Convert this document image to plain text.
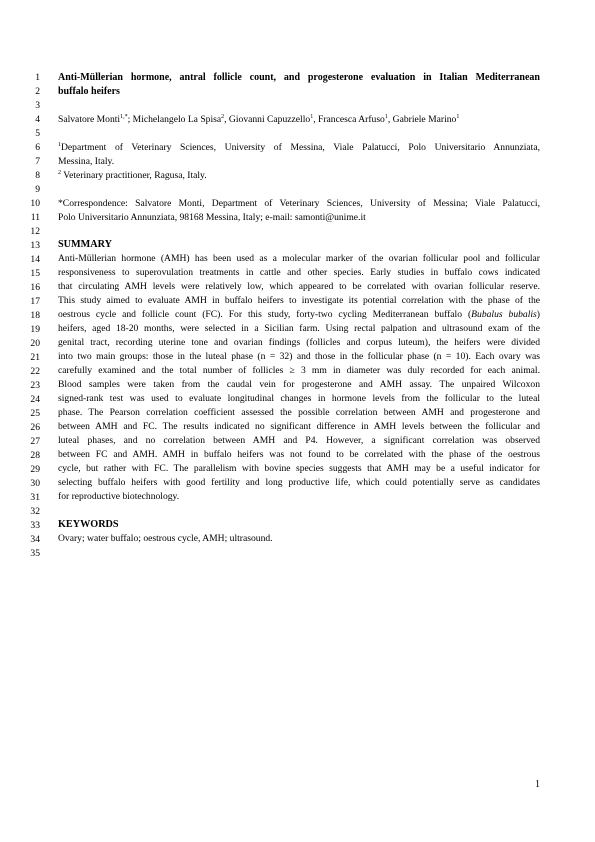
1
2
3
4
5
6
7
8
9
10
11
12
13
14
15
16
17
18
19
20
21
22
23
24
25
26
27
28
29
30
31
32
33
34
35
Anti-Müllerian hormone, antral follicle count, and progesterone evaluation in Italian Mediterranean
buffalo heifers
Salvatore Monti$^{1,*}$; Michelangelo La Spisa$^2$, Giovanni Capuzzello$^1$, Francesca Arfuso$^1$, Gabriele Marino$^1$
$^1$Department of Veterinary Sciences, University of Messina, Viale Palatucci, Polo Universitario Annunziata,
Messina, Italy.
$^2$ Veterinary practitioner, Ragusa, Italy.
*Correspondence: Salvatore Monti, Department of Veterinary Sciences, University of Messina; Viale Palatucci,
Polo Universitario Annunziata, 98168 Messina, Italy; e-mail: samonti@unime.it
SUMMARY
Anti-Müllerian hormone (AMH) has been used as a molecular marker of the ovarian follicular pool and follicular
responsiveness to superovulation treatments in cattle and other species. Early studies in buffalo cows indicated
that circulating AMH levels were relatively low, which appeared to be correlated with ovarian follicular reserve.
This study aimed to evaluate AMH in buffalo heifers to investigate its potential correlation with the phase of the
oestrous cycle and follicle count (FC). For this study, forty-two cycling Mediterranean buffalo (Bubalus bubalis)
heifers, aged 18-20 months, were selected in a Sicilian farm. Using rectal palpation and ultrasound exam of the
genital tract, recording uterine tone and ovarian findings (follicles and corpus luteum), the heifers were divided
into two main groups: those in the luteal phase (n = 32) and those in the follicular phase (n = 10). Each ovary was
carefully examined and the total number of follicles ≥ 3 mm in diameter was duly recorded for each animal.
Blood samples were taken from the caudal vein for progesterone and AMH assay. The unpaired Wilcoxon
signed-rank test was used to evaluate longitudinal changes in hormone levels from the follicular to the luteal
phase. The Pearson correlation coefficient assessed the possible correlation between AMH and progesterone and
between AMH and FC. The results indicated no significant difference in AMH levels between the follicular and
luteal phases, and no correlation between AMH and P4. However, a significant correlation was observed
between FC and AMH. AMH in buffalo heifers was not found to be correlated with the phase of the oestrous
cycle, but rather with FC. The parallelism with bovine species suggests that AMH may be a useful indicator for
selecting buffalo heifers with good fertility and long productive life, which could potentially serve as candidates
for reproductive biotechnology.
KEYWORDS
Ovary; water buffalo; oestrous cycle, AMH; ultrasound.
1
